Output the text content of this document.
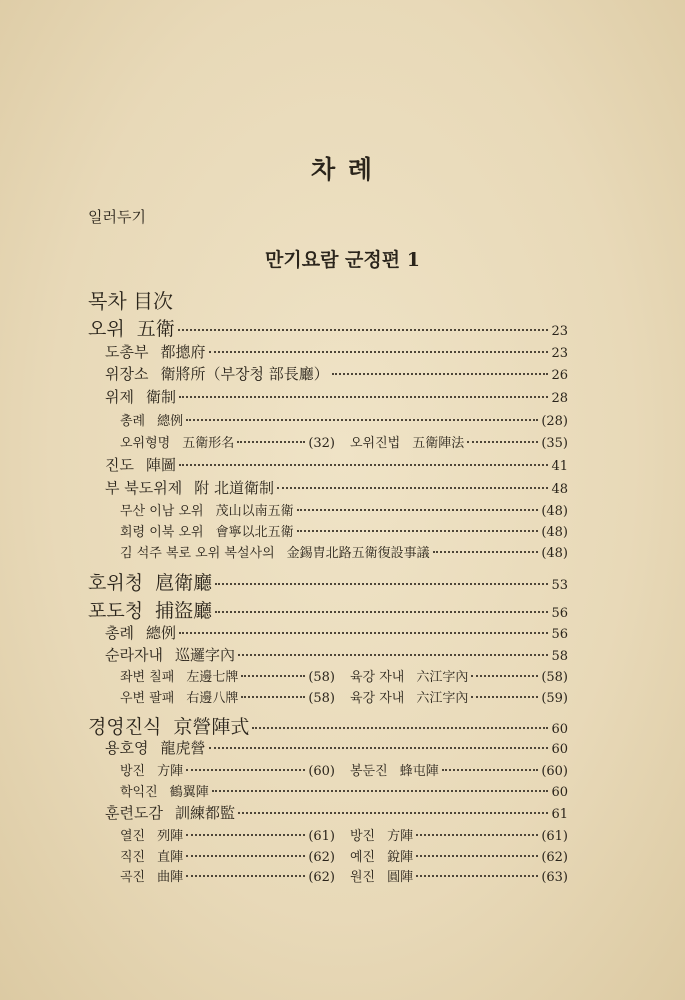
차 례
일러두기
만기요람 군정편 1
목차 目次
오위 五衛	23
도총부 都摠府	23
위장소 衛將所（부장청 部長廳）	26
위제 衛制	28
총례 總例	(28)
오위형명 五衛形名	(32) 오위진법 五衛陣法	(35)
진도 陣圖	41
부 북도위제 附 北道衛制	48
무산 이남 오위 茂山以南五衛	(48)
회령 이북 오위 會寧以北五衛	(48)
김 석주 복로 오위 복설사의 金錫胄北路五衛復設事議	(48)
호위청 扈衛廳	53
포도청 捕盜廳	56
총례 總例	56
순라자내 巡邏字內	58
좌변 칠패 左邊七牌	(58) 육강 자내 六江字內	(58)
우변 팔패 右邊八牌	(58) 육강 자내 六江字內	(59)
경영진식 京營陣式	60
용호영 龍虎營	60
방진 方陣	(60) 봉둔진 蜂屯陣	(60)
학익진 鶴翼陣	60
훈련도감 訓練都監	61
열진 列陣	(61) 방진 方陣	(61)
직진 直陣	(62) 예진 銳陣	(62)
곡진 曲陣	(62) 원진 圓陣	(63)
